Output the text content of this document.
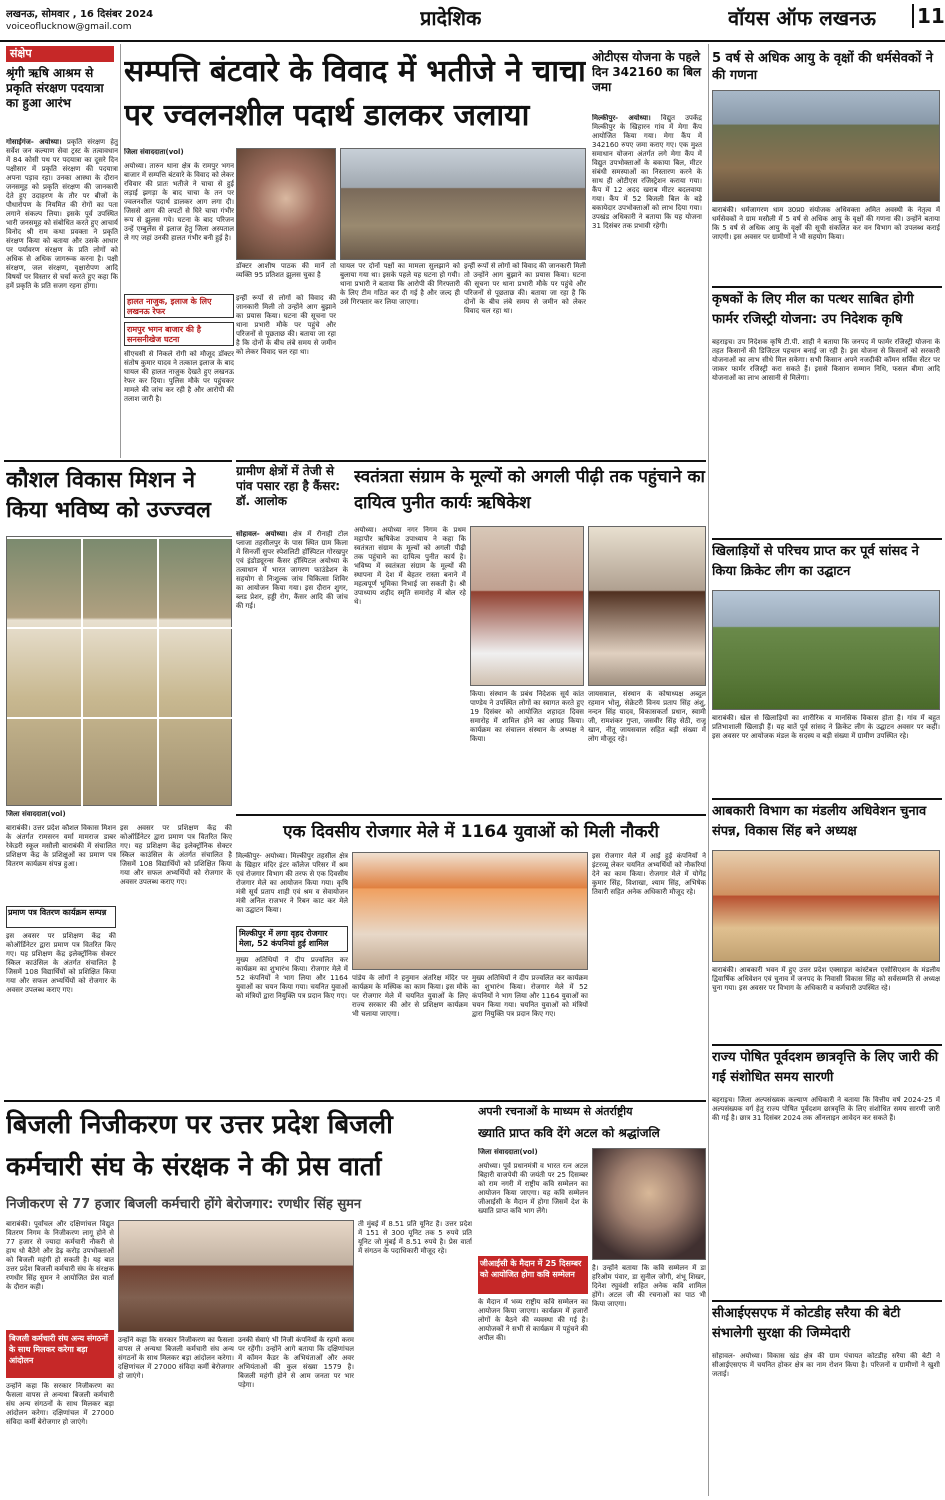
लखनऊ, सोमवार , 16 दिसंबर 2024
voiceoflucknow@gmail.com	प्रादेशिक	वॉयस ऑफ लखनऊ 11
संक्षेप
श्रृंगी ऋषि आश्रम से प्रकृति संरक्षण पदयात्रा का हुआ आरंभ
गोसाईगंज- अयोध्या। प्रकृति संरक्षण हेतु सर्वेश जन कल्याण सेवा ट्रस्ट के तत्वावधान में 84 कोसी पथ पर पदयात्रा का दूसरे दिन पक्षीसार में प्रकृति संरक्षण की पदयात्रा अपना पड़ाव रहा। उनका आस्था के दौरान जनसमूह को प्रकृति संरक्षण की जानकारी देते हुए उदाहरण के तौर पर बीजों के पौधारोपण के नियमित की रोगों का पता लगाने संकल्प लिया। इसके पूर्व उपस्थित भारी जनसमूह को संबोधित करते हुए आचार्य विनोद श्री राम कथा प्रवक्ता ने प्रकृति संरक्षण किया को बताया और उसके आधार पर पर्यावरण संरक्षण के प्रति लोगों को अधिक से अधिक जागरूक करना है। पक्षी संरक्षण, जल संरक्षण, वृक्षारोपण आदि विषयों पर विस्तार से चर्चा करते हुए कहा कि हमें प्रकृति के प्रति सजग रहना होगा।
कौशल विकास मिशन ने किया भविष्य को उज्ज्वल
जिला संवाददाता(vol)
बाराबंकी। उत्तर प्रदेश कौशल विकास मिशन के अंतर्गत रामसरन वर्मा मामराज डाबर रेकेडरी स्कूल मसौली बाराबंकी में संचालित प्रशिक्षण केंद्र के प्रशिक्षुओं का प्रमाण पत्र वितरण कार्यक्रम संपन्न हुआ।
प्रमाण पत्र वितरण कार्यक्रम सम्पन्न
इस अवसर पर प्रशिक्षण केंद्र की कोऑर्डिनेटर द्वारा प्रमाण पत्र वितरित किए गए। यह प्रशिक्षण केंद्र इलेक्ट्रॉनिक सेक्टर स्किल काउंसिल के अंतर्गत संचालित है जिसमें 108 विद्यार्थियों को प्रशिक्षित किया गया और सफल अभ्यर्थियों को रोजगार के अवसर उपलब्ध कराए गए।
इस अवसर पर प्रशिक्षण केंद्र की कोऑर्डिनेटर द्वारा प्रमाण पत्र वितरित किए गए। यह प्रशिक्षण केंद्र इलेक्ट्रॉनिक सेक्टर स्किल काउंसिल के अंतर्गत संचालित है जिसमें 108 विद्यार्थियों को प्रशिक्षित किया गया और सफल अभ्यर्थियों को रोजगार के अवसर उपलब्ध कराए गए।
सम्पत्ति बंटवारे के विवाद में भतीजे ने चाचा पर ज्वलनशील पदार्थ डालकर जलाया
जिला संवाददाता(vol)
अयोध्या। तारुन थाना क्षेत्र के रामपुर भगन बाजार में सम्पत्ति बंटवारे के विवाद को लेकर रविवार की प्रातः भतीजे ने चाचा से हुई लड़ाई झगड़ा के बाद चाचा के तन पर ज्वलनशील पदार्थ डालकर आग लगा दी। जिससे आग की लपटों से घिरे चाचा गंभीर रूप से झुलस गये। घटना के बाद परिजन उन्हें एम्बुलेंस से इलाज हेतु जिला अस्पताल ले गए जहां उनकी हालत गंभीर बनी हुई है।
हालत नाजुक, इलाज के लिए लखनऊ रेफर
रामपुर भगन बाजार की है सनसनीखेज घटना
सीएचसी से निकले रोगी को मौजूद डॉक्टर संतोष कुमार यादव ने तत्काल इलाज के बाद घायल की हालत नाजुक देखते हुए लखनऊ रेफर कर दिया। पुलिस मौके पर पहुंचकर मामले की जांच कर रही है और आरोपी की तलाश जारी है।
डॉक्टर आशीष पाठक की मानें तो व्यक्ति 95 प्रतिशत झुलस चुका है
इन्हीं रूपों से लोगों को विवाद की जानकारी मिली तो उन्होंने आग बुझाने का प्रयास किया। घटना की सूचना पर थाना प्रभारी मौके पर पहुंचे और परिजनों से पूछताछ की। बताया जा रहा है कि दोनों के बीच लंबे समय से जमीन को लेकर विवाद चल रहा था।
घायल पर दोनों पक्षों का मामला सुलझाने को बुलाया गया था। इसके पहले यह घटना हो गयी। थाना प्रभारी ने बताया कि आरोपी की गिरफ्तारी के लिए टीम गठित कर दी गई है और जल्द ही उसे गिरफ्तार कर लिया जाएगा।
इन्हीं रूपों से लोगों को विवाद की जानकारी मिली तो उन्होंने आग बुझाने का प्रयास किया। घटना की सूचना पर थाना प्रभारी मौके पर पहुंचे और परिजनों से पूछताछ की। बताया जा रहा है कि दोनों के बीच लंबे समय से जमीन को लेकर विवाद चल रहा था।
ओटीएस योजना के पहले दिन 342160 का बिल जमा
मिल्कीपुर- अयोध्या। विद्युत उपकेंद्र मिल्कीपुर के खिहारन गांव में मेगा कैंप आयोजित किया गया। मेगा कैंप में 342160 रुपए जमा कराए गए। एक मुश्त समाधान योजना अंतर्गत लगे मेगा कैंप में विद्युत उपभोक्ताओं के बकाया बिल, मीटर संबंधी समस्याओं का निस्तारण करने के साथ ही ओटीएस रजिस्ट्रेशन कराया गया। कैंप में 12 अदद खराब मीटर बदलवाया गया। कैंप में 52 बिजली बिल के बड़े बकायेदार उपभोक्ताओं को लाभ दिया गया। उपखंड अधिकारी ने बताया कि यह योजना 31 दिसंबर तक प्रभावी रहेगी।
5 वर्ष से अधिक आयु के वृक्षों की धर्मसेवकों ने की गणना
बाराबंकी। धर्मजागरण धाम उ0प्र0 संयोजक अधिवक्ता अमित अवस्थी के नेतृत्व में धर्मसेवकों ने ग्राम मसौली में 5 वर्ष से अधिक आयु के वृक्षों की गणना की। उन्होंने बताया कि 5 वर्ष से अधिक आयु के वृक्षों की सूची संकलित कर वन विभाग को उपलब्ध कराई जाएगी। इस अवसर पर ग्रामीणों ने भी सहयोग किया।
कृषकों के लिए मील का पत्थर साबित होगी फार्मर रजिस्ट्री योजना: उप निदेशक कृषि
बहराइच। उप निदेशक कृषि टी.पी. शाही ने बताया कि जनपद में फार्मर रजिस्ट्री योजना के तहत किसानों की डिजिटल पहचान बनाई जा रही है। इस योजना से किसानों को सरकारी योजनाओं का लाभ सीधे मिल सकेगा। सभी किसान अपने नजदीकी कॉमन सर्विस सेंटर पर जाकर फार्मर रजिस्ट्री करा सकते हैं। इससे किसान सम्मान निधि, फसल बीमा आदि योजनाओं का लाभ आसानी से मिलेगा।
खिलाड़ियों से परिचय प्राप्त कर पूर्व सांसद ने किया क्रिकेट लीग का उद्घाटन
बाराबंकी। खेल से खिलाड़ियों का शारीरिक व मानसिक विकास होता है। गांव में बहुत प्रतिभाशाली खिलाड़ी हैं। यह बातें पूर्व सांसद ने क्रिकेट लीग के उद्घाटन अवसर पर कहीं। इस अवसर पर आयोजक मंडल के सदस्य व बड़ी संख्या में ग्रामीण उपस्थित रहे।
आबकारी विभाग का मंडलीय अधिवेशन चुनाव संपन्न, विकास सिंह बने अध्यक्ष
बाराबंकी। आबकारी भवन में हुए उत्तर प्रदेश एक्साइज कांस्टेबल एसोसिएशन के मंडलीय द्विवार्षिक अधिवेशन एवं चुनाव में जनपद के निवासी विकास सिंह को सर्वसम्मति से अध्यक्ष चुना गया। इस अवसर पर विभाग के अधिकारी व कर्मचारी उपस्थित रहे।
राज्य पोषित पूर्वदशम छात्रवृत्ति के लिए जारी की गई संशोधित समय सारणी
बहराइच। जिला अल्पसंख्यक कल्याण अधिकारी ने बताया कि वित्तीय वर्ष 2024-25 में अल्पसंख्यक वर्ग हेतु राज्य पोषित पूर्वदशम छात्रवृत्ति के लिए संशोधित समय सारणी जारी की गई है। छात्र 31 दिसंबर 2024 तक ऑनलाइन आवेदन कर सकते हैं।
सीआईएसएफ में कोटडीह सरैया की बेटी संभालेगी सुरक्षा की जिम्मेदारी
सोहावल- अयोध्या। विकास खंड क्षेत्र की ग्राम पंचायत कोटडीह सरैया की बेटी ने सीआईएसएफ में चयनित होकर क्षेत्र का नाम रोशन किया है। परिजनों व ग्रामीणों ने खुशी जताई।
ग्रामीण क्षेत्रों में तेजी से पांव पसार रहा है कैंसर: डॉ. आलोक
सोहावल- अयोध्या। क्षेत्र में रौनाही टोल प्लाजा तहसीलपुर के पास स्थित ग्राम किला में सिनर्जी सुपर स्पेशलिटी हॉस्पिटल गोरखपुर एवं इंडोड्यूरन्स कैंसर हॉस्पिटल अयोध्या के तत्वाधान में भारत जागरण फाउंडेशन के सहयोग से निःशुल्क जांच चिकित्सा शिविर का आयोजन किया गया। इस दौरान शुगर, ब्लड प्रेशर, हड्डी रोग, कैंसर आदि की जांच की गई।
स्वतंत्रता संग्राम के मूल्यों को अगली पीढ़ी तक पहुंचाने का दायित्व पुनीत कार्यः ऋषिकेश
अयोध्या। अयोध्या नगर निगम के प्रथम महापौर ऋषिकेश उपाध्याय ने कहा कि स्वतंत्रता संग्राम के मूल्यों को अगली पीढ़ी तक पहुंचाने का दायित्व पुनीत कार्य है। भविष्य में स्वतंत्रता संग्राम के मूल्यों की स्थापना में देश में बेहतर रास्ता बनाने में महत्वपूर्ण भूमिका निभाई जा सकती है। श्री उपाध्याय शहीद स्मृति समारोह में बोल रहे थे।
किया। संस्थान के प्रबंध निदेशक सूर्य कांत पाण्डेय ने उपस्थित लोगों का स्वागत करते हुए 19 दिसंबर को आयोजित शहादत दिवस समारोह में शामिल होने का आग्रह किया। कार्यक्रम का संचालन संस्थान के अध्यक्ष ने किया।
जायसवाल, संस्थान के कोषाध्यक्ष अब्दुल रहमान भोलू, सेक्रेटरी विनय प्रताप सिंह अंशु, नन्दन सिंह यादव, विकासकर्ता प्रधान, स्वामी जी, रामशंकर गुप्ता, जसवीर सिंह सेठी, राजू खान, नीतू जायसवाल सहित बड़ी संख्या में लोग मौजूद रहे।
एक दिवसीय रोजगार मेले में 1164 युवाओं को मिली नौकरी
मिल्कीपुर- अयोध्या। मिल्कीपुर तहसील क्षेत्र के खिहार मंदिर इंटर कॉलेज परिसर में श्रम एवं रोजगार विभाग की तरफ से एक दिवसीय रोजगार मेले का आयोजन किया गया। कृषि मंत्री सूर्य प्रताप शाही एवं श्रम व सेवायोजन मंत्री अनिल राजभर ने रिबन काट कर मेले का उद्घाटन किया।
मिल्कीपुर में लगा वृहद रोजगार मेला, 52 कंपनियां हुई शामिल
मुख्य अतिथियों ने दीप प्रज्वलित कर कार्यक्रम का शुभारंभ किया। रोजगार मेले में 52 कंपनियों ने भाग लिया और 1164 युवाओं का चयन किया गया। चयनित युवाओं को मंत्रियों द्वारा नियुक्ति पत्र प्रदान किए गए।
पांडेय के लोगों ने हनुमान अंतरिक्ष मंदिर पर कार्यक्रम के मस्थिक का काम किया। इस मौके पर रोजगार मेले में चयनित युवाओं के लिए राज्य सरकार की ओर से प्रशिक्षण कार्यक्रम भी चलाया जाएगा।
मुख्य अतिथियों ने दीप प्रज्वलित कर कार्यक्रम का शुभारंभ किया। रोजगार मेले में 52 कंपनियों ने भाग लिया और 1164 युवाओं का चयन किया गया। चयनित युवाओं को मंत्रियों द्वारा नियुक्ति पत्र प्रदान किए गए।
इस रोजगार मेले में आई हुई कंपनियों ने इंटरव्यू लेकर चयनित अभ्यर्थियों को नौकरियां देने का काम किया। रोजगार मेले में योगेंद्र कुमार सिंह, विशाखा, श्याम सिंह, अभिषेक तिवारी सहित अनेक अधिकारी मौजूद रहे।
बिजली निजीकरण पर उत्तर प्रदेश बिजली कर्मचारी संघ के संरक्षक ने की प्रेस वार्ता
निजीकरण से 77 हजार बिजली कर्मचारी होंगे बेरोजगार: रणधीर सिंह सुमन
बाराबंकी। पूर्वांचल और दक्षिणांचल विद्युत वितरण निगम के निजीकरण लागू होने से 77 हजार से ज्यादा कर्मचारी नौकरी से हाथ धो बैठेंगे और डेढ़ करोड़ उपभोक्ताओं को बिजली महंगी हो सकती है। यह बात उत्तर प्रदेश बिजली कर्मचारी संघ के संरक्षक रणधीर सिंह सुमन ने आयोजित प्रेस वार्ता के दौरान कही।
बिजली कर्मचारी संघ अन्य संगठनों के साथ मिलकर करेगा बड़ा आंदोलन
उन्होंने कहा कि सरकार निजीकरण का फैसला वापस ले अन्यथा बिजली कर्मचारी संघ अन्य संगठनों के साथ मिलकर बड़ा आंदोलन करेगा। दक्षिणांचल में 27000 संविदा कर्मी बेरोजगार हो जाएंगे।
उन्होंने कहा कि सरकार निजीकरण का फैसला वापस ले अन्यथा बिजली कर्मचारी संघ अन्य संगठनों के साथ मिलकर बड़ा आंदोलन करेगा। दक्षिणांचल में 27000 संविदा कर्मी बेरोजगार हो जाएंगे।
उनकी सेवाएं भी निजी कंपनियों के रहमो करम पर रहेंगी। उन्होंने आगे बताया कि दक्षिणांचल में कॉमन कैडर के अभियंताओं और अवर अभियंताओं की कुल संख्या 1579 है। बिजली महंगी होने से आम जनता पर भार पड़ेगा।
ती मुंबई में 8.51 प्रति यूनिट है। उत्तर प्रदेश में 151 से 300 यूनिट तक 5 रुपये प्रति यूनिट जो मुंबई में 8.51 रुपये है। प्रेस वार्ता में संगठन के पदाधिकारी मौजूद रहे।
अपनी रचनाओं के माध्यम से अंतर्राष्ट्रीय
ख्याति प्राप्त कवि देंगे अटल को श्रद्धांजलि
जिला संवाददाता(vol)
अयोध्या। पूर्व प्रधानमंत्री व भारत रत्न अटल बिहारी वाजपेयी की जयंती पर 25 दिसम्बर को राम नगरी में राष्ट्रीय कवि सम्मेलन का आयोजन किया जाएगा। यह कवि सम्मेलन जीआईसी के मैदान में होगा जिसमें देश के ख्याति प्राप्त कवि भाग लेंगे।
जीआईसी के मैदान में 25 दिसम्बर को आयोजित होगा कवि सम्मेलन
के मैदान में भव्य राष्ट्रीय कवि सम्मेलन का आयोजन किया जाएगा। कार्यक्रम में हजारों लोगों के बैठने की व्यवस्था की गई है। आयोजकों ने सभी से कार्यक्रम में पहुंचने की अपील की।
है। उन्होंने बताया कि कवि सम्मेलन में डा हरिओम पंवार, डा सुनील जोगी, शंभू शिखर, दिनेश रघुवंशी सहित अनेक कवि शामिल होंगे। अटल जी की रचनाओं का पाठ भी किया जाएगा।
